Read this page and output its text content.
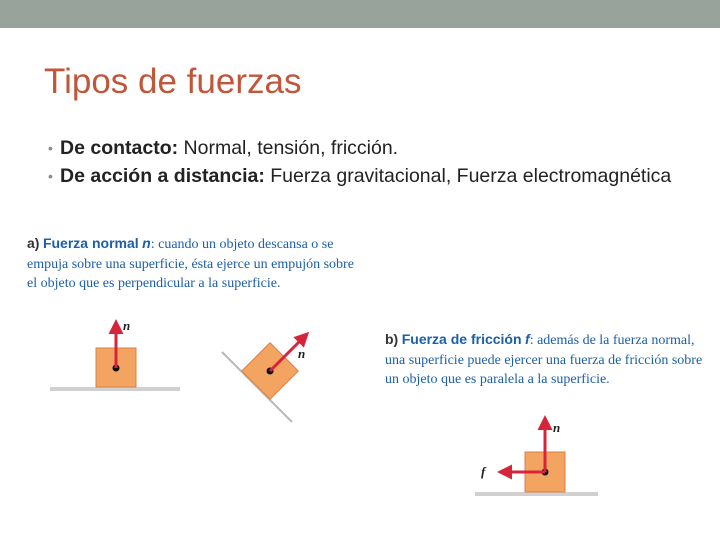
Tipos de fuerzas
• De contacto: Normal, tensión, fricción.
• De acción a distancia: Fuerza gravitacional, Fuerza electromagnética
a) Fuerza normal n: cuando un objeto descansa o se empuja sobre una superficie, ésta ejerce un empujón sobre el objeto que es perpendicular a la superficie.
b) Fuerza de fricción f: además de la fuerza normal, una superficie puede ejercer una fuerza de fricción sobre un objeto que es paralela a la superficie.
n
n
n
f
